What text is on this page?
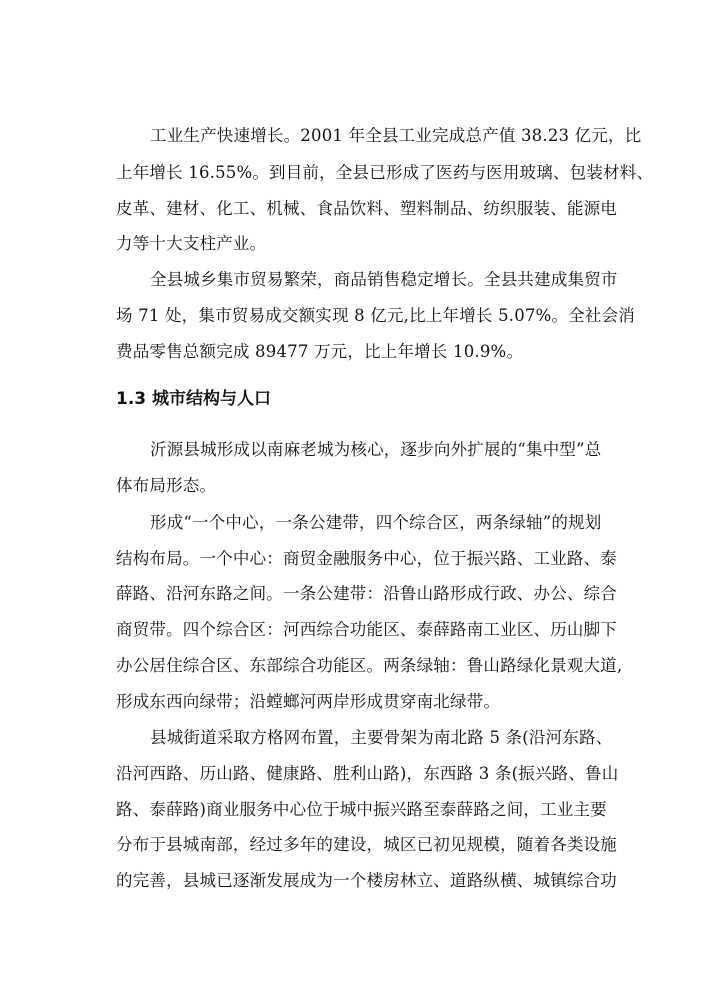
工业生产快速增长。2001 年全县工业完成总产值 38.23 亿元，比
上年增长 16.55%。到目前，全县已形成了医药与医用玻璃、包装材料、
皮革、建材、化工、机械、食品饮料、塑料制品、纺织服装、能源电
力等十大支柱产业。
全县城乡集市贸易繁荣，商品销售稳定增长。全县共建成集贸市
场 71 处，集市贸易成交额实现 8 亿元,比上年增长 5.07%。全社会消
费品零售总额完成 89477 万元，比上年增长 10.9%。
1.3 城市结构与人口
沂源县城形成以南麻老城为核心，逐步向外扩展的“集中型”总
体布局形态。
形成“一个中心，一条公建带，四个综合区，两条绿轴”的规划
结构布局。一个中心：商贸金融服务中心，位于振兴路、工业路、泰
薛路、沿河东路之间。一条公建带：沿鲁山路形成行政、办公、综合
商贸带。四个综合区：河西综合功能区、泰薛路南工业区、历山脚下
办公居住综合区、东部综合功能区。两条绿轴：鲁山路绿化景观大道,
形成东西向绿带；沿螳螂河两岸形成贯穿南北绿带。
县城街道采取方格网布置，主要骨架为南北路 5 条(沿河东路、
沿河西路、历山路、健康路、胜利山路)，东西路 3 条(振兴路、鲁山
路、泰薛路)商业服务中心位于城中振兴路至泰薛路之间，工业主要
分布于县城南部，经过多年的建设，城区已初见规模，随着各类设施
的完善，县城已逐渐发展成为一个楼房林立、道路纵横、城镇综合功
